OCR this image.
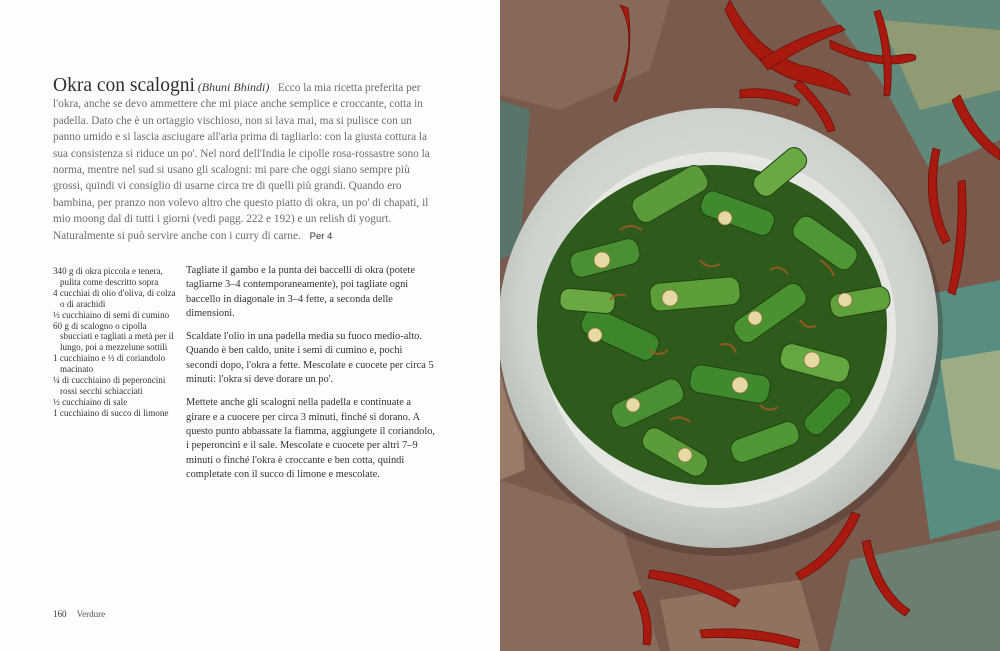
Okra con scalogni (Bhuni Bhindi) Ecco la mia ricetta preferita per l'okra, anche se devo ammettere che mi piace anche semplice e croccante, cotta in padella. Dato che è un ortaggio vischioso, non si lava mai, ma si pulisce con un panno umido e si lascia asciugare all'aria prima di tagliarlo: con la giusta cottura la sua consistenza si riduce un po'. Nel nord dell'India le cipolle rosa-rossastre sono la norma, mentre nel sud si usano gli scalogni: mi pare che oggi siano sempre più grossi, quindi vi consiglio di usarne circa tre di quelli più grandi. Quando ero bambina, per pranzo non volevo altro che questo piatto di okra, un po' di chapati, il mio moong dal di tutti i giorni (vedi pagg. 222 e 192) e un relish di yogurt. Naturalmente si può servire anche con i curry di carne. Per 4
340 g di okra piccola e tenera, pulita come descritto sopra
4 cucchiai di olio d'oliva, di colza o di arachidi
½ cucchiaino di semi di cumino
60 g di scalogno o cipolla sbucciati e tagliati a metà per il lungo, poi a mezzelune sottili
1 cucchiaino e ½ di coriandolo macinato
¼ di cucchiaino di peperoncini rossi secchi schiacciati
½ cucchiaino di sale
1 cucchiaino di succo di limone

Tagliate il gambo e la punta dei baccelli di okra (potete tagliarne 3–4 contemporaneamente), poi tagliate ogni baccello in diagonale in 3–4 fette, a seconda delle dimensioni.

Scaldate l'olio in una padella media su fuoco medio-alto. Quando è ben caldo, unite i semi di cumino e, pochi secondi dopo, l'okra a fette. Mescolate e cuocete per circa 5 minuti: l'okra si deve dorare un po'.

Mettete anche gli scalogni nella padella e continuate a girare e a cuocere per circa 3 minuti, finché si dorano. A questo punto abbassate la fiamma, aggiungete il coriandolo, i peperoncini e il sale. Mescolate e cuocete per altri 7–9 minuti o finché l'okra è croccante e ben cotta, quindi completate con il succo di limone e mescolate.

160 Verdure
